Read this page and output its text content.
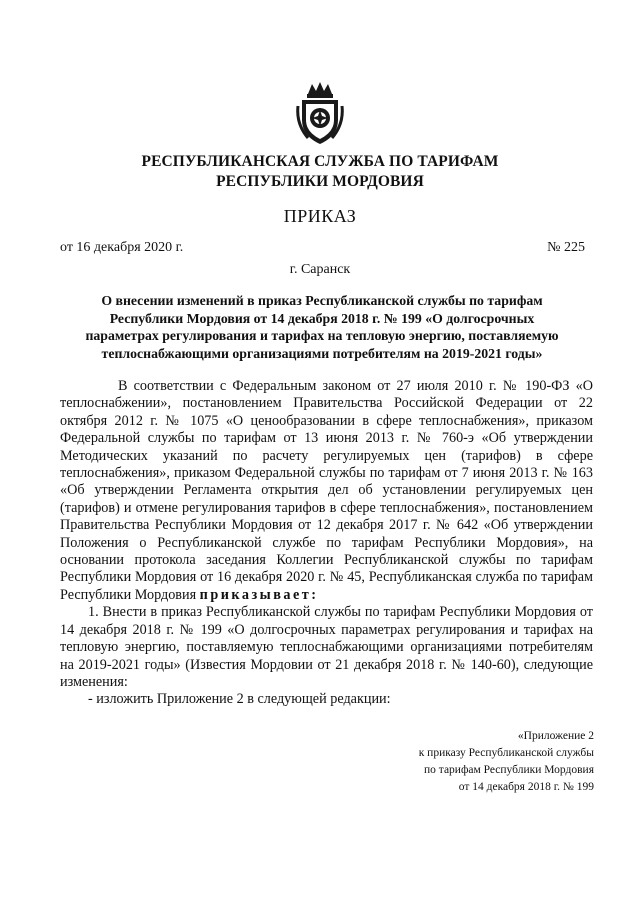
РЕСПУБЛИКАНСКАЯ СЛУЖБА ПО ТАРИФАМ
РЕСПУБЛИКИ МОРДОВИЯ
ПРИКАЗ
от 16 декабря 2020 г.	№ 225
г. Саранск
О внесении изменений в приказ Республиканской службы по тарифам Республики Мордовия от 14 декабря 2018 г. № 199 «О долгосрочных параметрах регулирования и тарифах на тепловую энергию, поставляемую теплоснабжающими организациями потребителям на 2019-2021 годы»

В соответствии с Федеральным законом от 27 июля 2010 г. № 190-ФЗ «О теплоснабжении», постановлением Правительства Российской Федерации от 22 октября 2012 г. № 1075 «О ценообразовании в сфере теплоснабжения», приказом Федеральной службы по тарифам от 13 июня 2013 г. № 760-э «Об утверждении Методических указаний по расчету регулируемых цен (тарифов) в сфере теплоснабжения», приказом Федеральной службы по тарифам от 7 июня 2013 г. № 163 «Об утверждении Регламента открытия дел об установлении регулируемых цен (тарифов) и отмене регулирования тарифов в сфере теплоснабжения», постановлением Правительства Республики Мордовия от 12 декабря 2017 г. № 642 «Об утверждении Положения о Республиканской службе по тарифам Республики Мордовия», на основании протокола заседания Коллегии Республиканской службы по тарифам Республики Мордовия от 16 декабря 2020 г. № 45, Республиканская служба по тарифам Республики Мордовия приказывает:

1. Внести в приказ Республиканской службы по тарифам Республики Мордовия от 14 декабря 2018 г. № 199 «О долгосрочных параметрах регулирования и тарифах на тепловую энергию, поставляемую теплоснабжающими организациями потребителям на 2019-2021 годы» (Известия Мордовии от 21 декабря 2018 г. № 140-60), следующие изменения:

- изложить Приложение 2 в следующей редакции:

«Приложение 2
к приказу Республиканской службы
по тарифам Республики Мордовия
от 14 декабря 2018 г. № 199
